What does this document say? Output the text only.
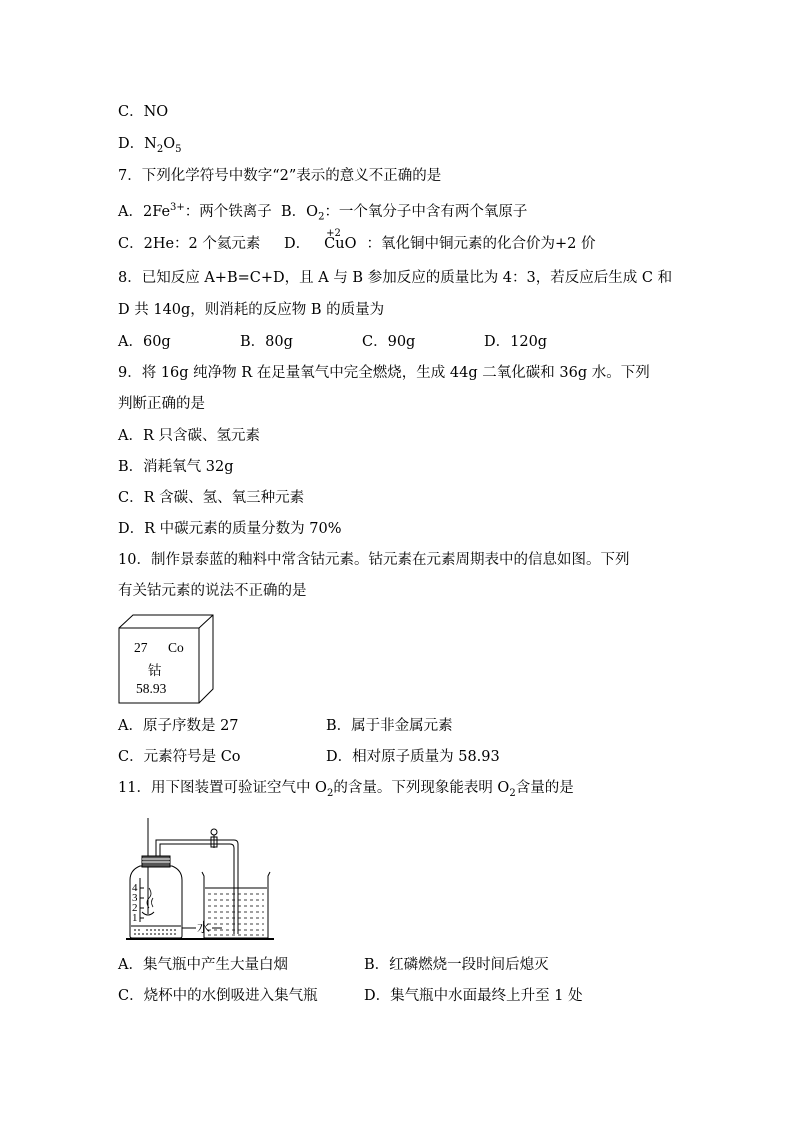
C．NO
D．$N_2O_5$
7．下列化学符号中数字“2”表示的意义不正确的是
A．$2Fe^{3+}$：两个铁离子 B．$O_2$：一个氧分子中含有两个氧原子
C．2He：2 个氦元素 D．
+2
CuO ：氧化铜中铜元素的化合价为+2 价
8．已知反应 A+B=C+D，且 A 与 B 参加反应的质量比为 4：3，若反应后生成 C 和
D 共 140g，则消耗的反应物 B 的质量为
A．60g	B．80g	C．90g	D．120g
9．将 16g 纯净物 R 在足量氧气中完全燃烧，生成 44g 二氧化碳和 36g 水。下列
判断正确的是
A．R 只含碳、氢元素
B．消耗氧气 32g
C．R 含碳、氢、氧三种元素
D．R 中碳元素的质量分数为 70%
10．制作景泰蓝的釉料中常含钴元素。钴元素在元素周期表中的信息如图。下列
有关钴元素的说法不正确的是
27 Co
钴
58.93
A．原子序数是 27	B．属于非金属元素
C．元素符号是 Co	D．相对原子质量为 58.93
11．用下图装置可验证空气中 $O_2$的含量。下列现象能表明 $O_2$含量的是
4
3
2
1
水
A．集气瓶中产生大量白烟	B．红磷燃烧一段时间后熄灭
C．烧杯中的水倒吸进入集气瓶	D．集气瓶中水面最终上升至 1 处
